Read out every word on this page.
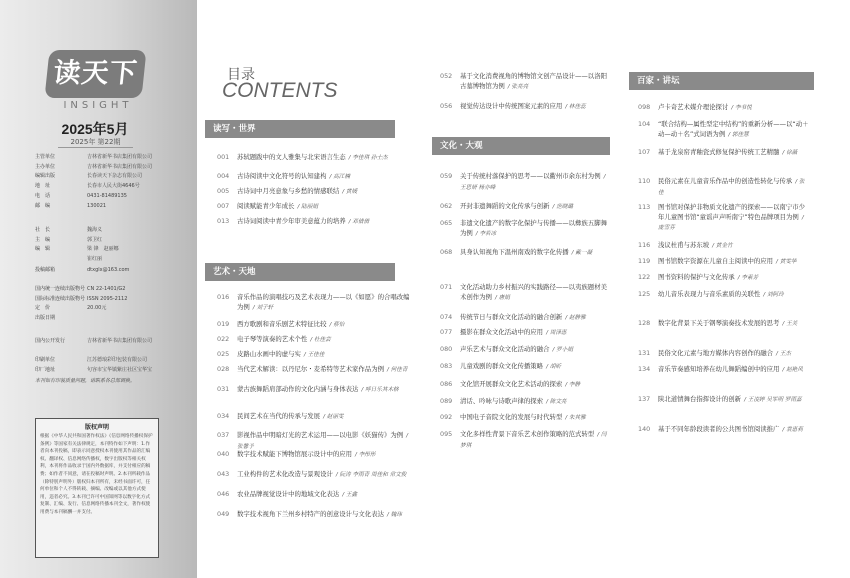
读天下
INSIGHT
2025年5月
2025年 第22期
主管单位	吉林省新华书店集团有限公司
主办单位	吉林省新华书店集团有限公司
编辑出版	长春读天下杂志有限公司
地　址	长春市人民大街4646号
电　话	0431-81489135
邮　编	130021
社　长	魏海义
主　编	郭卫红
编　辑	梁 锋　赵丽娜
崔红丽
投稿邮箱	dtxglx@163.com
国内统一连续出版物号 CN 22-1401/G2
国际标准连续出版物号 ISSN 2095-2112
定　价	20.00元
出版日期
国内公开发行	吉林省新华书店集团有限公司
印刷单位	江苏德琅彩印包装有限公司
印厂地址	句容市宝华镇紫庄社区宝华宝
本刊如有印装质量问题，请联系各总部调换。
版权声明
根据《中华人民共和国著作权法》《信息网络传播权保护条例》等国家有关法律规定，本刊特作如下声明：1.作者向本刊投稿，即表示同意授权本刊使用其作品的汇编权、翻译权、信息网络传播权，数字出版权等相关权利，本刊将作品收录于国内外数据库，并支付相应的稿费；如作者不同意，请在投稿时声明。2.本刊所载作品（除特别声明外）版权归本刊所有，未经书面许可，任何单位和个人不得转载、摘编、改编或以其他方式使用，违者必究。3.本刊已许可中国知网等以数字化方式复制、汇编、发行、信息网络传播本刊全文，著作权使用费与本刊稿酬一并支付。
目录
CONTENTS
读写・世界
001 苏轼题跋中的文人雅集与北宋语言生态 / 李佳琪 孙士杰
004 古诗阅读中文化符号的认知建构 / 高江楠
005 古诗词中月亮意象与乡愁的情感联结 / 黄媛
007 阅读赋能青少年成长 / 陆丽娟
013 古诗词阅读中青少年审美意蕴力的培养 / 邓倩倩
艺术・天地
016 音乐作品的演唱技巧及艺术表现力——以《如愿》的合唱改编为例 / 刘子轩
019 西方歌剧和音乐剧艺术特征比较 / 蔡怡
022 电子琴等演奏的艺术个性 / 杜佳芸
025 皮路山水画中的虚与实 / 王佳佳
028 当代艺术解读：以丹尼尔・麦希特等艺术家作品为例 / 何佳青
031 蒙古族舞蹈肩部动作的文化内涵与身体表达 / 呼日乐其木格
034 民间艺术在当代的传承与发展 / 赵丽雯
037 影视作品中明暗灯光的艺术运用——以电影《妖猫传》为例 / 张馨予
040 数字技术赋能下博物馆展示设计中的应用 / 李彤彤
043 工业构件的艺术化改造与景观设计 / 阮涛 李雨青 周佳和 常文俊
046 农业品牌视觉设计中的地域文化表达 / 王鑫
049 数字技术视角下兰州乡村特产的创意设计与文化表达 / 魏玮
052 基于文化消费视角的博物馆文创产品设计——以洛阳古墓博物馆为例 / 张亮亮
056 视觉传达设计中传统图案元素的应用 / 林佳蕊
文化・大观
059 关于传统村落保护的思考——以衢州市余东村为例 / 王思妍 杨亦峰
062 开封非遗舞蹈的文化传承与创新 / 范晓璐
065 非遗文化遗产的数字化保护与传播——以彝族五脚舞为例 / 李若冰
068 具身认知视角下温州南戏的数字化传播 / 戴一凝
071 文化活动助力乡村振兴的实践路径——以夷族题材美术创作为例 / 唐娟
074 传统节日与群众文化活动的融合创新 / 赵静雅
077 摄影在群众文化活动中的应用 / 周泽惠
080 声乐艺术与群众文化活动的融合 / 罗小娟
083 儿童戏剧的群众文化传播策略 / 胡昕
086 文化馆开展群众文化艺术活动的探索 / 李静
089 清话、吟咏与诗歌声律的探索 / 陈文亮
092 中国电子音院文化的发展与时代转型 / 朱其雅
095 文化多样性背景下音乐艺术创作策略的范式转型 / 闫梦琪
百家・讲坛
098 卢卡奇艺术媒介理论探讨 / 李书悦
104 “联合结构—属性型定中结构”的重新分析——以“动＋动—动＋名”式词语为例 / 郭佳慧
107 基于龙泉窑青釉瓷式修复保护传统工艺精髓 / 徐薇
110 民俗元素在儿童音乐作品中的创造性转化与传承 / 张佳
113 图书馆对保护非物质文化遗产的探索——以南宁市少年儿童图书馆“童谣声声听南宁”特色品牌项目为例 / 庞雪芬
116 浅议杜甫与苏东坡 / 黄金竹
119 图书馆数字资源在儿童自主阅读中的应用 / 黄雯华
122 图书资料的保护与文化传承 / 李素芳
125 幼儿音乐表现力与音乐素质的关联性 / 刘阿玲
128 数字化背景下关于钢琴演奏技术发展的思考 / 王芙
131 民俗文化元素与地方媒体内容创作的融合 / 王杰
134 音乐节奏感知培养在幼儿舞蹈编创中的应用 / 赵艳风
137 陕北道情舞台指挥设计的创新 / 王凌婷 吴军明 罗雨嘉
140 基于不同年龄段读者的公共图书馆阅读推广 / 袁惠莉
